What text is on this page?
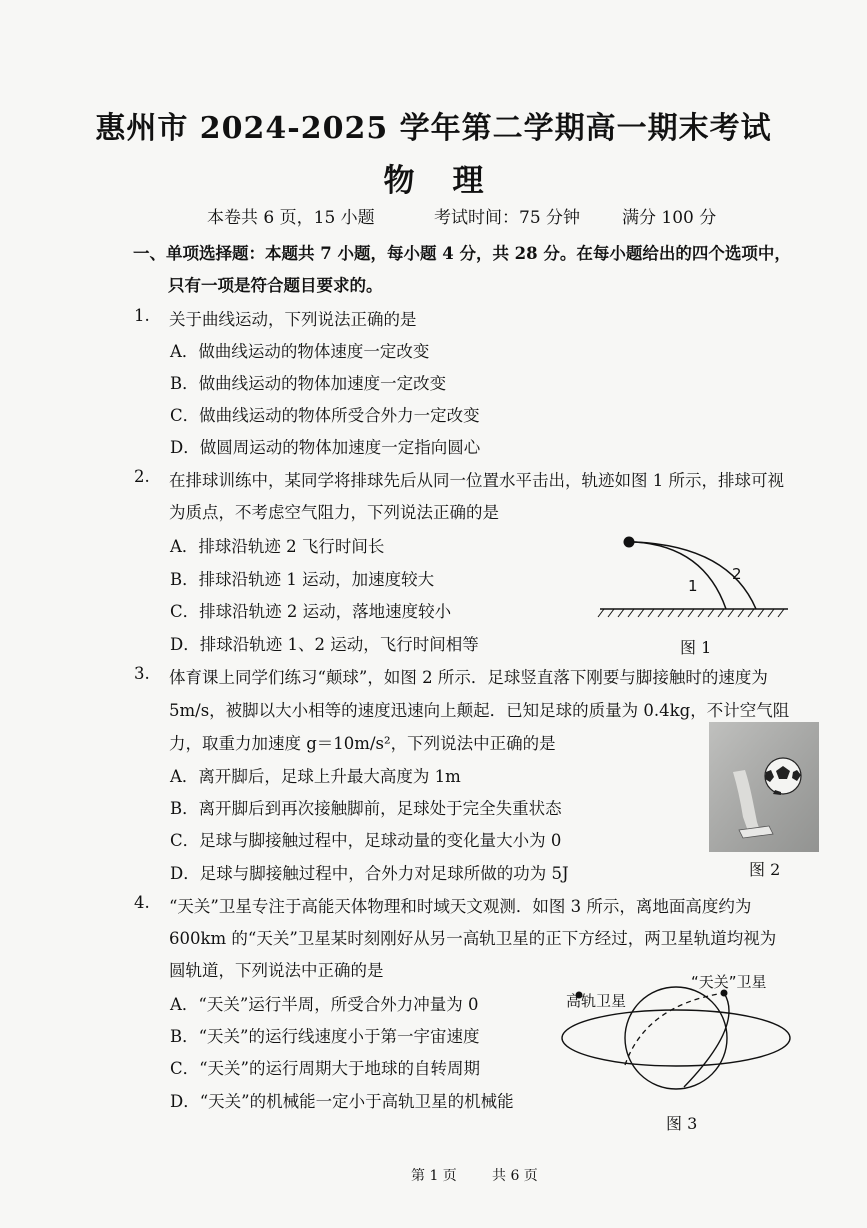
惠州市 2024-2025 学年第二学期高一期末考试
物理
本卷共 6 页，15 小题	考试时间：75 分钟 满分 100 分
一、单项选择题：本题共 7 小题，每小题 4 分，共 28 分。在每小题给出的四个选项中，
只有一项是符合题目要求的。
1. 关于曲线运动，下列说法正确的是
A．做曲线运动的物体速度一定改变
B．做曲线运动的物体加速度一定改变
C．做曲线运动的物体所受合外力一定改变
D．做圆周运动的物体加速度一定指向圆心
2. 在排球训练中，某同学将排球先后从同一位置水平击出，轨迹如图 1 所示，排球可视
为质点，不考虑空气阻力，下列说法正确的是
A．排球沿轨迹 2 飞行时间长
B．排球沿轨迹 1 运动，加速度较大
C．排球沿轨迹 2 运动，落地速度较小
D．排球沿轨迹 1、2 运动，飞行时间相等
1
2
图 1
3. 体育课上同学们练习“颠球”，如图 2 所示．足球竖直落下刚要与脚接触时的速度为
5m/s，被脚以大小相等的速度迅速向上颠起．已知足球的质量为 0.4kg，不计空气阻
力，取重力加速度 g＝10m/s²，下列说法中正确的是
A．离开脚后，足球上升最大高度为 1m
B．离开脚后到再次接触脚前，足球处于完全失重状态
C．足球与脚接触过程中，足球动量的变化量大小为 0
D．足球与脚接触过程中，合外力对足球所做的功为 5J	图 2
4. “天关”卫星专注于高能天体物理和时域天文观测．如图 3 所示，离地面高度约为
600km 的“天关”卫星某时刻刚好从另一高轨卫星的正下方经过，两卫星轨道均视为
圆轨道，下列说法中正确的是
A．“天关”运行半周，所受合外力冲量为 0
B．“天关”的运行线速度小于第一宇宙速度
C．“天关”的运行周期大于地球的自转周期
D．“天关”的机械能一定小于高轨卫星的机械能
高轨卫星
“天关”卫星
图 3
第 1 页	共 6 页
